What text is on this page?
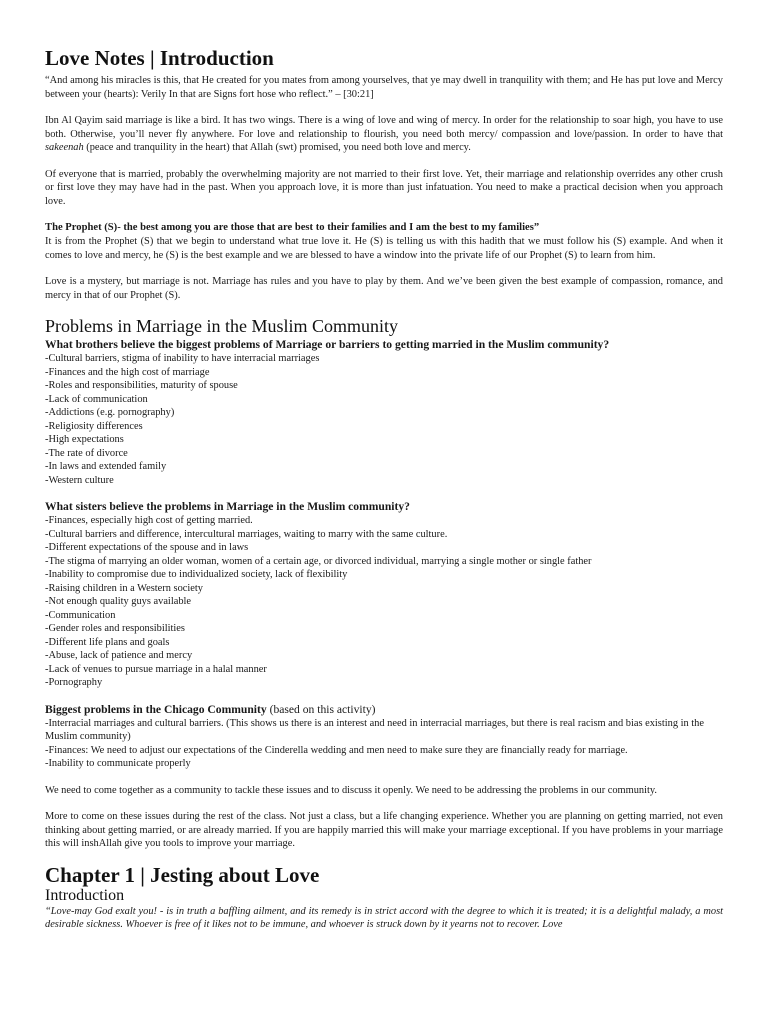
Love Notes | Introduction

“And among his miracles is this, that He created for you mates from among yourselves, that ye may dwell in tranquility with them; and He has put love and Mercy between your (hearts): Verily In that are Signs fort hose who reflect.” – [30:21]

Ibn Al Qayim said marriage is like a bird. It has two wings. There is a wing of love and wing of mercy. In order for the relationship to soar high, you have to use both. Otherwise, you’ll never fly anywhere. For love and relationship to flourish, you need both mercy/ compassion and love/passion. In order to have that sakeenah (peace and tranquility in the heart) that Allah (swt) promised, you need both love and mercy.

Of everyone that is married, probably the overwhelming majority are not married to their first love. Yet, their marriage and relationship overrides any other crush or first love they may have had in the past. When you approach love, it is more than just infatuation. You need to make a practical decision when you approach love.

The Prophet (S)- the best among you are those that are best to their families and I am the best to my families”

It is from the Prophet (S) that we begin to understand what true love it. He (S) is telling us with this hadith that we must follow his (S) example. And when it comes to love and mercy, he (S) is the best example and we are blessed to have a window into the private life of our Prophet (S) to learn from him.

Love is a mystery, but marriage is not. Marriage has rules and you have to play by them. And we’ve been given the best example of compassion, romance, and mercy in that of our Prophet (S).

Problems in Marriage in the Muslim Community

What brothers believe the biggest problems of Marriage or barriers to getting married in the Muslim community?

-Cultural barriers, stigma of inability to have interracial marriages
-Finances and the high cost of marriage
-Roles and responsibilities, maturity of spouse
-Lack of communication
-Addictions (e.g. pornography)
-Religiosity differences
-High expectations
-The rate of divorce
-In laws and extended family
-Western culture

What sisters believe the problems in Marriage in the Muslim community?

-Finances, especially high cost of getting married.
-Cultural barriers and difference, intercultural marriages, waiting to marry with the same culture.
-Different expectations of the spouse and in laws
-The stigma of marrying an older woman, women of a certain age, or divorced individual, marrying a single mother or single father
-Inability to compromise due to individualized society, lack of flexibility
-Raising children in a Western society
-Not enough quality guys available
-Communication
-Gender roles and responsibilities
-Different life plans and goals
-Abuse, lack of patience and mercy
-Lack of venues to pursue marriage in a halal manner
-Pornography

Biggest problems in the Chicago Community (based on this activity)

-Interracial marriages and cultural barriers. (This shows us there is an interest and need in interracial marriages, but there is real racism and bias existing in the Muslim community)
-Finances: We need to adjust our expectations of the Cinderella wedding and men need to make sure they are financially ready for marriage.
-Inability to communicate properly

We need to come together as a community to tackle these issues and to discuss it openly. We need to be addressing the problems in our community.

More to come on these issues during the rest of the class. Not just a class, but a life changing experience. Whether you are planning on getting married, not even thinking about getting married, or are already married. If you are happily married this will make your marriage exceptional. If you have problems in your marriage this will inshAllah give you tools to improve your marriage.

Chapter 1 | Jesting about Love
Introduction

“Love-may God exalt you! - is in truth a baffling ailment, and its remedy is in strict accord with the degree to which it is treated; it is a delightful malady, a most desirable sickness. Whoever is free of it likes not to be immune, and whoever is struck down by it yearns not to recover. Love
